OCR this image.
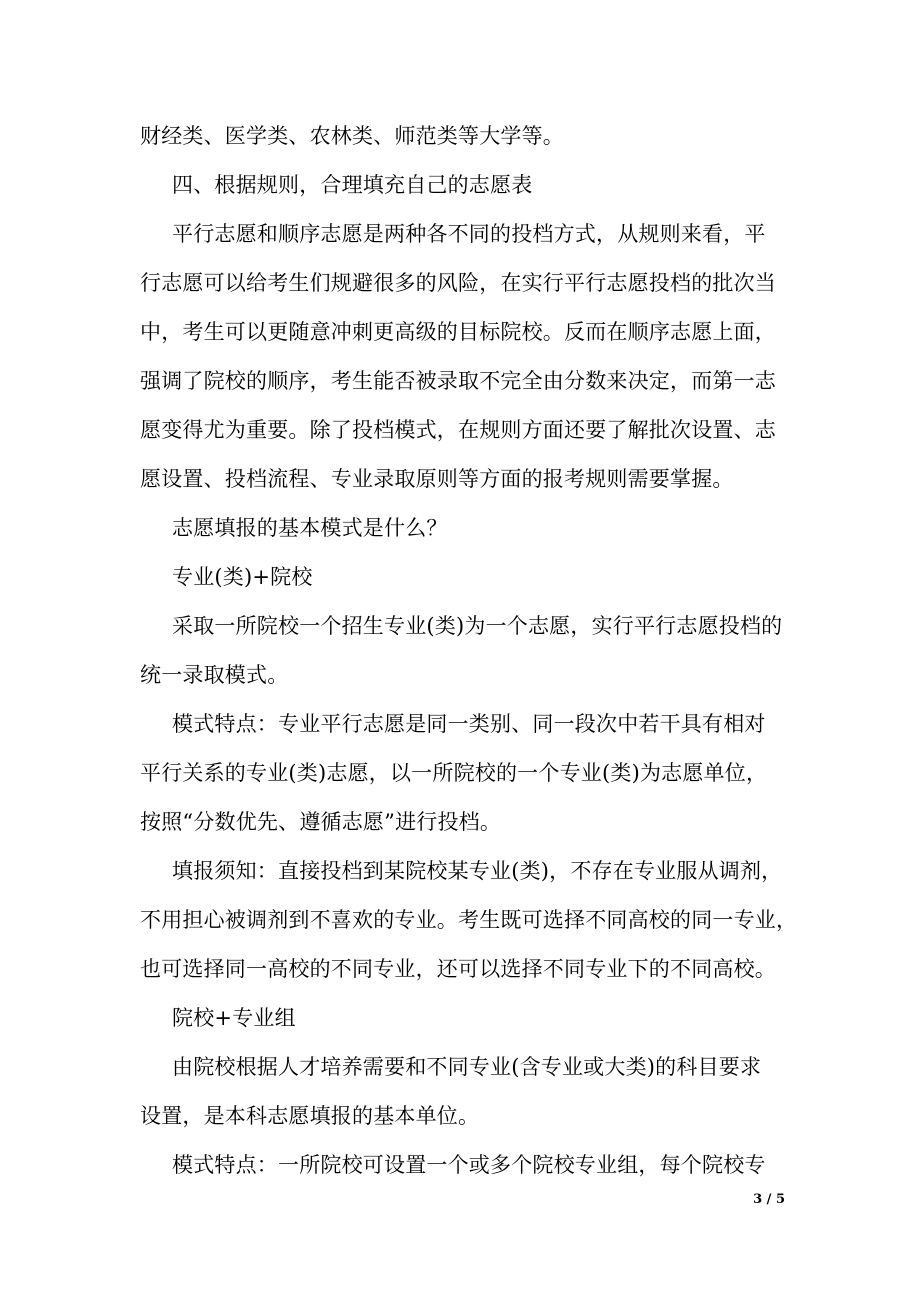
财经类、医学类、农林类、师范类等大学等。
四、根据规则，合理填充自己的志愿表
平行志愿和顺序志愿是两种各不同的投档方式，从规则来看，平
行志愿可以给考生们规避很多的风险，在实行平行志愿投档的批次当
中，考生可以更随意冲刺更高级的目标院校。反而在顺序志愿上面，
强调了院校的顺序，考生能否被录取不完全由分数来决定，而第一志
愿变得尤为重要。除了投档模式，在规则方面还要了解批次设置、志
愿设置、投档流程、专业录取原则等方面的报考规则需要掌握。
志愿填报的基本模式是什么？
专业(类)+院校
采取一所院校一个招生专业(类)为一个志愿，实行平行志愿投档的
统一录取模式。
模式特点：专业平行志愿是同一类别、同一段次中若干具有相对
平行关系的专业(类)志愿，以一所院校的一个专业(类)为志愿单位，
按照“分数优先、遵循志愿”进行投档。
填报须知：直接投档到某院校某专业(类)，不存在专业服从调剂，
不用担心被调剂到不喜欢的专业。考生既可选择不同高校的同一专业，
也可选择同一高校的不同专业，还可以选择不同专业下的不同高校。
院校+专业组
由院校根据人才培养需要和不同专业(含专业或大类)的科目要求
设置，是本科志愿填报的基本单位。
模式特点：一所院校可设置一个或多个院校专业组，每个院校专
3 / 5
